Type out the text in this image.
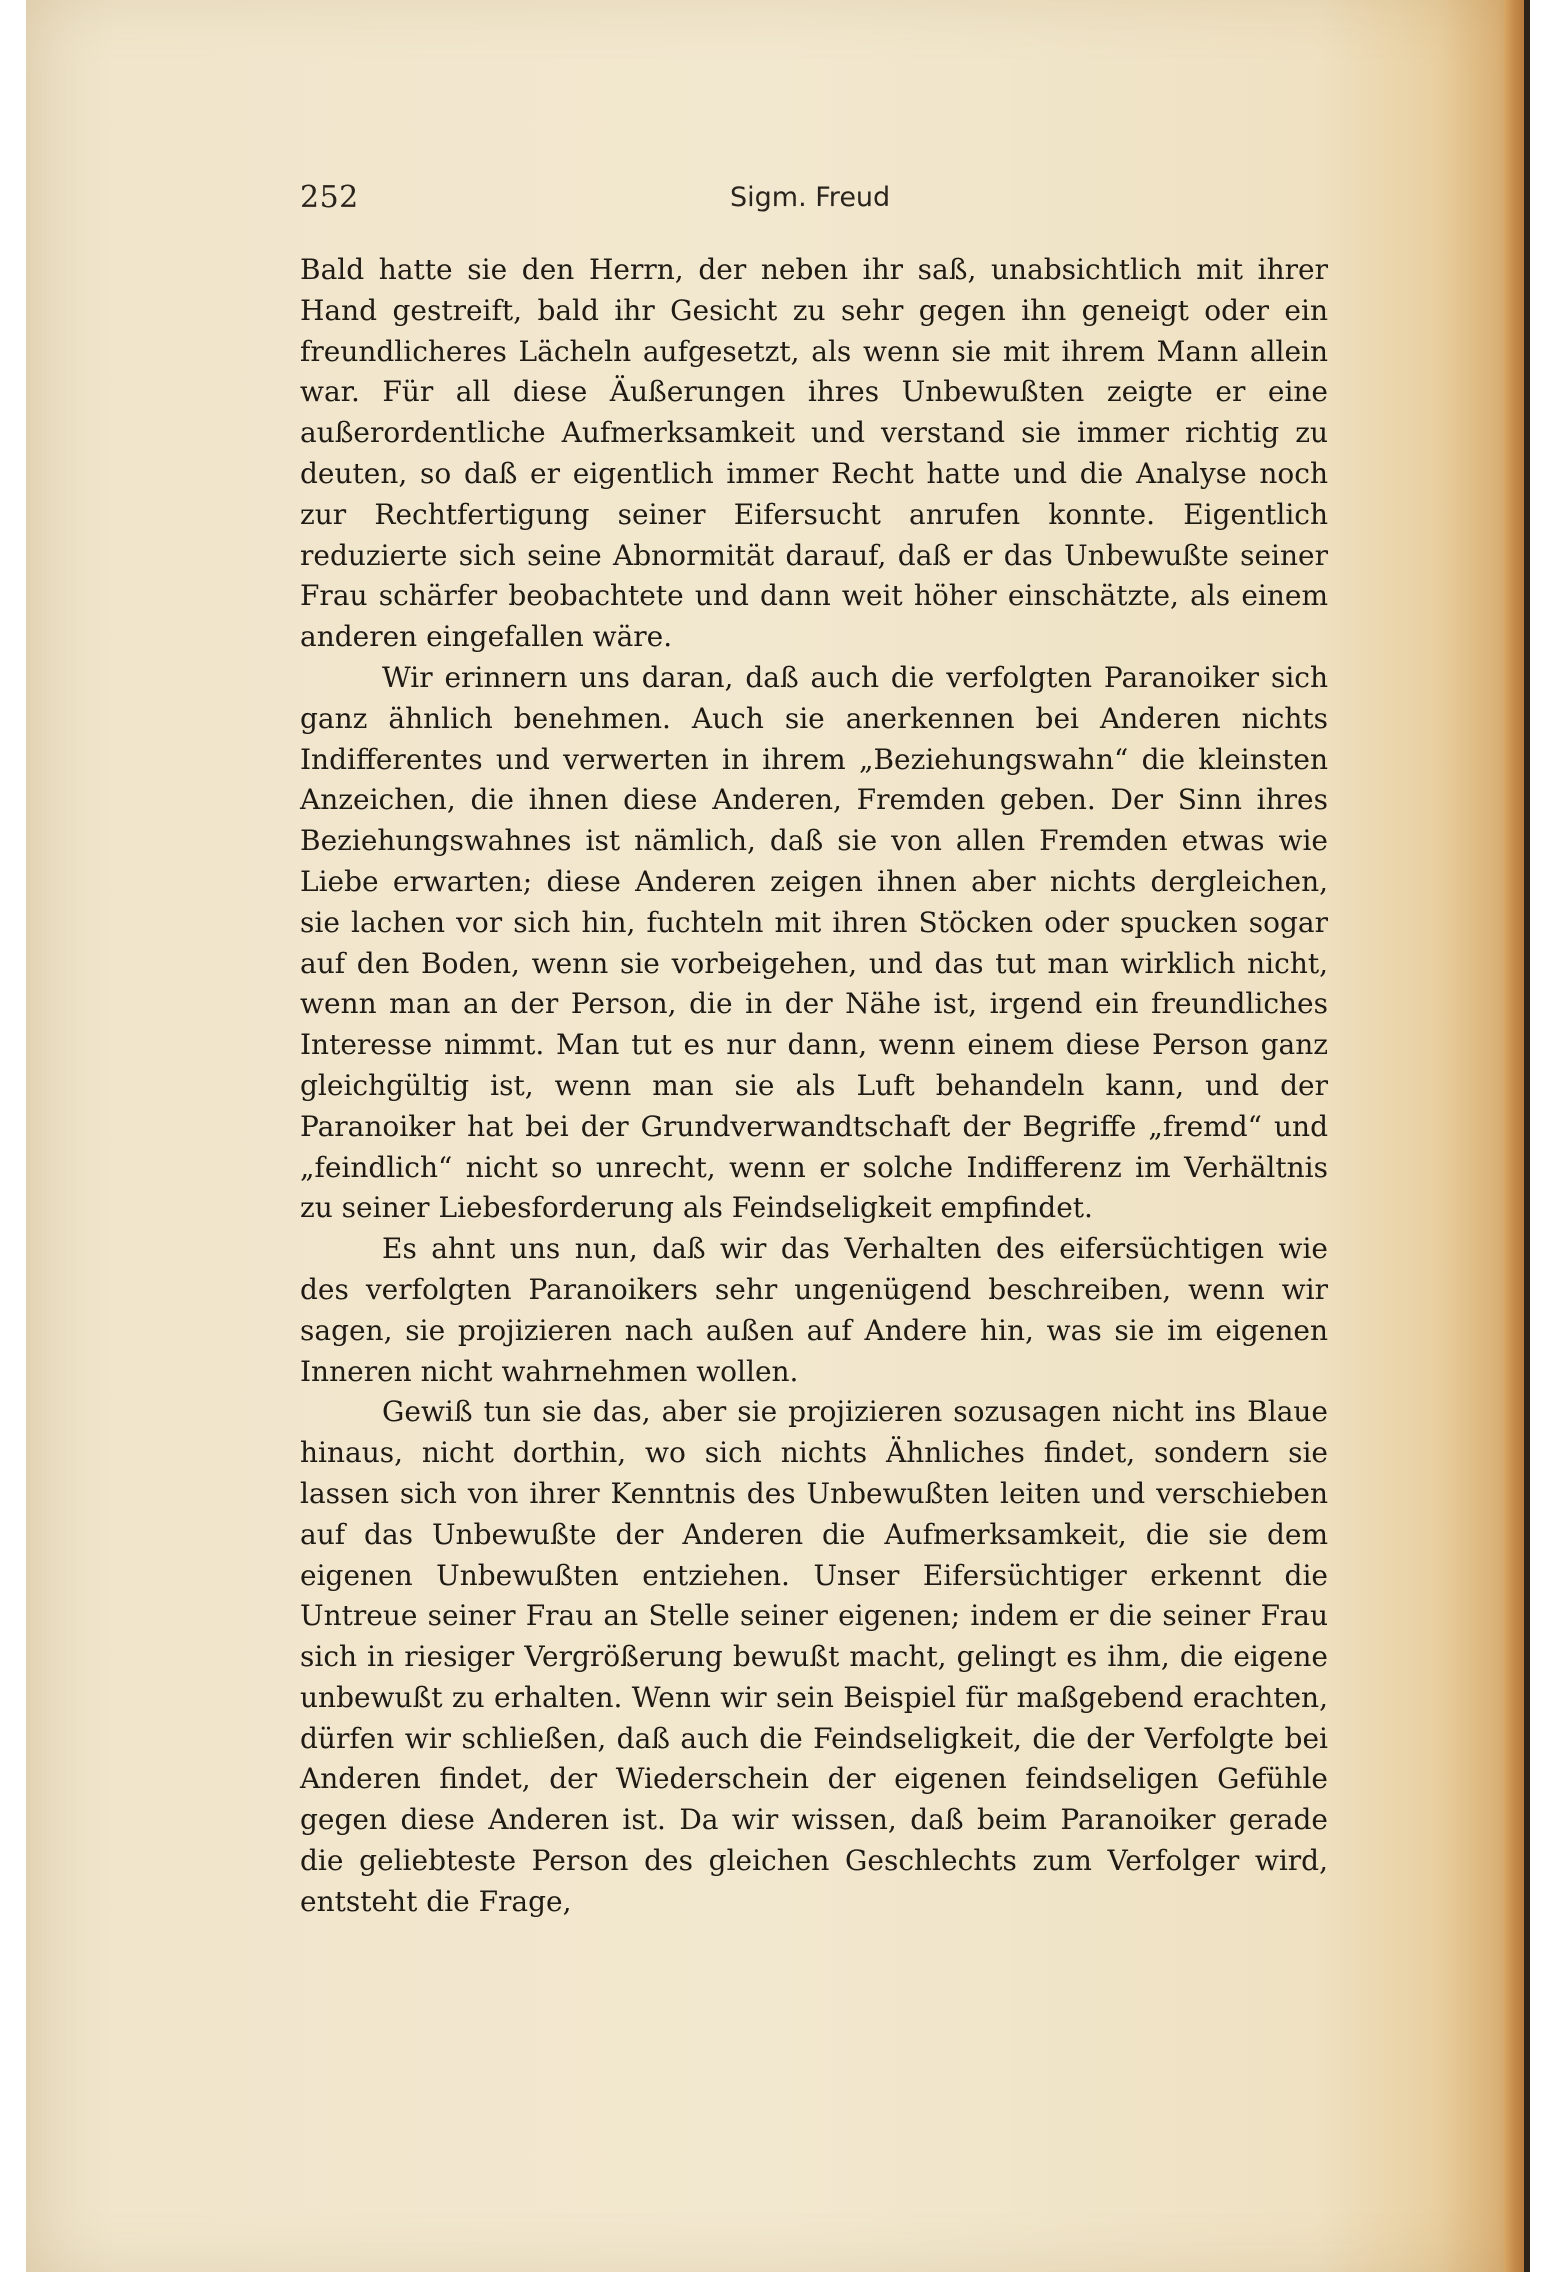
252	Sigm. Freud

Bald hatte sie den Herrn, der neben ihr saß, unabsichtlich mit ihrer Hand gestreift, bald ihr Gesicht zu sehr gegen ihn geneigt oder ein freundlicheres Lächeln aufgesetzt, als wenn sie mit ihrem Mann allein war. Für all diese Äußerungen ihres Unbewußten zeigte er eine außerordentliche Aufmerksamkeit und verstand sie immer richtig zu deuten, so daß er eigentlich immer Recht hatte und die Analyse noch zur Rechtfertigung seiner Eifersucht anrufen konnte. Eigentlich reduzierte sich seine Abnormität darauf, daß er das Unbewußte seiner Frau schärfer beobachtete und dann weit höher einschätzte, als einem anderen eingefallen wäre.

Wir erinnern uns daran, daß auch die verfolgten Paranoiker sich ganz ähnlich benehmen. Auch sie anerkennen bei Anderen nichts Indifferentes und verwerten in ihrem „Beziehungswahn“ die kleinsten Anzeichen, die ihnen diese Anderen, Fremden geben. Der Sinn ihres Beziehungswahnes ist nämlich, daß sie von allen Fremden etwas wie Liebe erwarten; diese Anderen zeigen ihnen aber nichts dergleichen, sie lachen vor sich hin, fuchteln mit ihren Stöcken oder spucken sogar auf den Boden, wenn sie vorbeigehen, und das tut man wirklich nicht, wenn man an der Person, die in der Nähe ist, irgend ein freundliches Interesse nimmt. Man tut es nur dann, wenn einem diese Person ganz gleichgültig ist, wenn man sie als Luft behandeln kann, und der Paranoiker hat bei der Grundverwandtschaft der Begriffe „fremd“ und „feindlich“ nicht so unrecht, wenn er solche Indifferenz im Verhältnis zu seiner Liebesforderung als Feindseligkeit empfindet.

Es ahnt uns nun, daß wir das Verhalten des eifersüchtigen wie des verfolgten Paranoikers sehr ungenügend beschreiben, wenn wir sagen, sie projizieren nach außen auf Andere hin, was sie im eigenen Inneren nicht wahrnehmen wollen.

Gewiß tun sie das, aber sie projizieren sozusagen nicht ins Blaue hinaus, nicht dorthin, wo sich nichts Ähnliches findet, sondern sie lassen sich von ihrer Kenntnis des Unbewußten leiten und verschieben auf das Unbewußte der Anderen die Aufmerksamkeit, die sie dem eigenen Unbewußten entziehen. Unser Eifersüchtiger erkennt die Untreue seiner Frau an Stelle seiner eigenen; indem er die seiner Frau sich in riesiger Vergrößerung bewußt macht, gelingt es ihm, die eigene unbewußt zu erhalten. Wenn wir sein Beispiel für maßgebend erachten, dürfen wir schließen, daß auch die Feindseligkeit, die der Verfolgte bei Anderen findet, der Wiederschein der eigenen feindseligen Gefühle gegen diese Anderen ist. Da wir wissen, daß beim Paranoiker gerade die geliebteste Person des gleichen Geschlechts zum Verfolger wird, entsteht die Frage,
